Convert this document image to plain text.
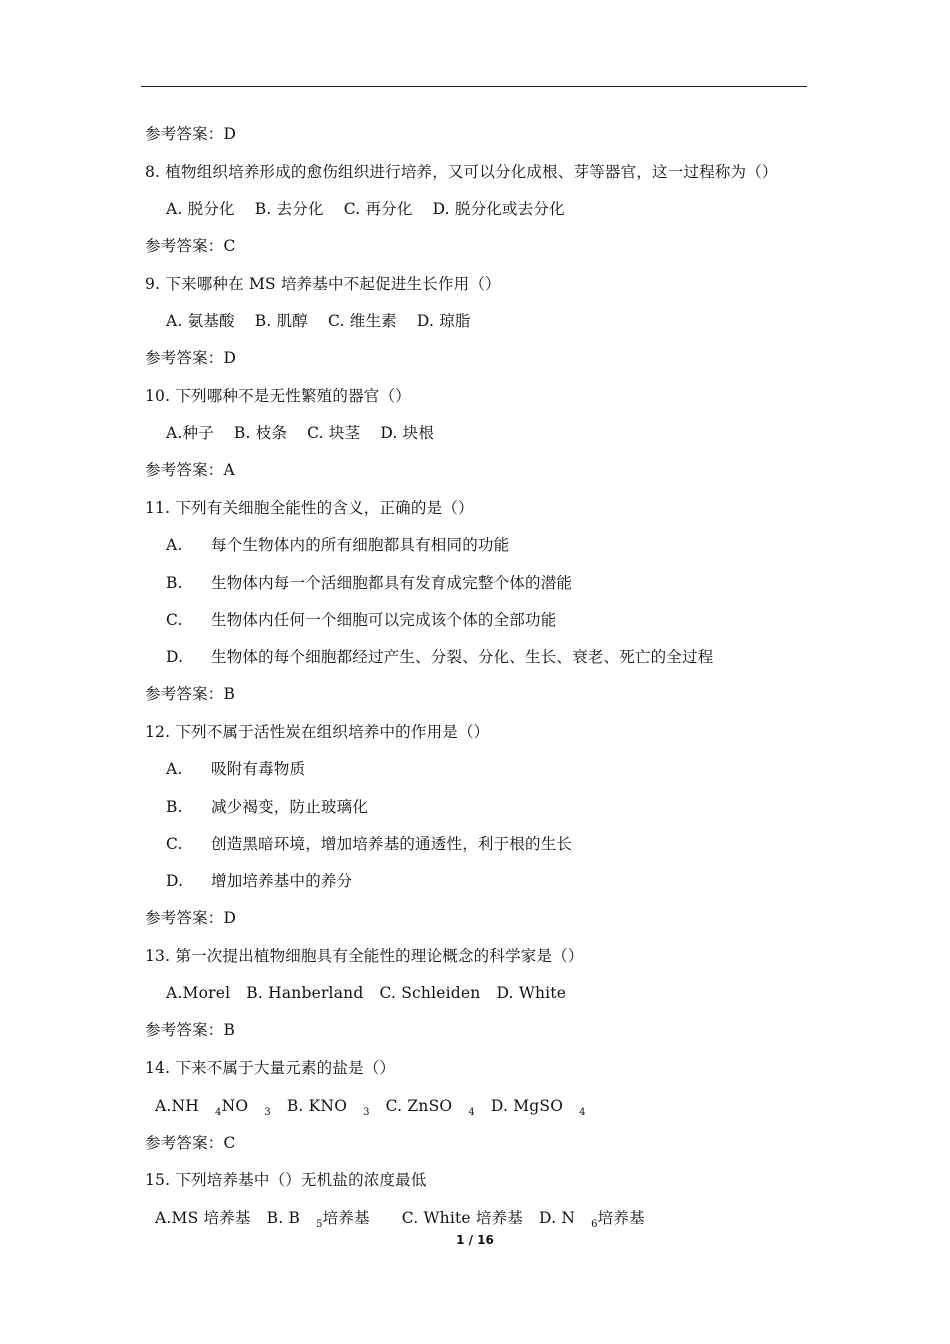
参考答案：D
8. 植物组织培养形成的愈伤组织进行培养，又可以分化成根、芽等器官，这一过程称为（）
A. 脱分化 B. 去分化 C. 再分化 D. 脱分化或去分化
参考答案：C
9. 下来哪种在 MS 培养基中不起促进生长作用（）
A. 氨基酸 B. 肌醇 C. 维生素 D. 琼脂
参考答案：D
10. 下列哪种不是无性繁殖的器官（）
A.种子 B. 枝条 C. 块茎 D. 块根
参考答案：A
11. 下列有关细胞全能性的含义，正确的是（）
A. 每个生物体内的所有细胞都具有相同的功能
B. 生物体内每一个活细胞都具有发育成完整个体的潜能
C. 生物体内任何一个细胞可以完成该个体的全部功能
D. 生物体的每个细胞都经过产生、分裂、分化、生长、衰老、死亡的全过程
参考答案：B
12. 下列不属于活性炭在组织培养中的作用是（）
A. 吸附有毒物质
B. 减少褐变，防止玻璃化
C. 创造黑暗环境，增加培养基的通透性，利于根的生长
D. 增加培养基中的养分
参考答案：D
13. 第一次提出植物细胞具有全能性的理论概念的科学家是（）
A.Morel B. Hanberland C. Schleiden D. White
参考答案：B
14. 下来不属于大量元素的盐是（）
A.NH $_4$NO $_3$ B. KNO $_3$ C. ZnSO $_4$ D. MgSO $_4$
参考答案：C
15. 下列培养基中（）无机盐的浓度最低
A.MS 培养基 B. B $_5$培养基 C. White 培养基 D. N $_6$培养基
1 / 16
